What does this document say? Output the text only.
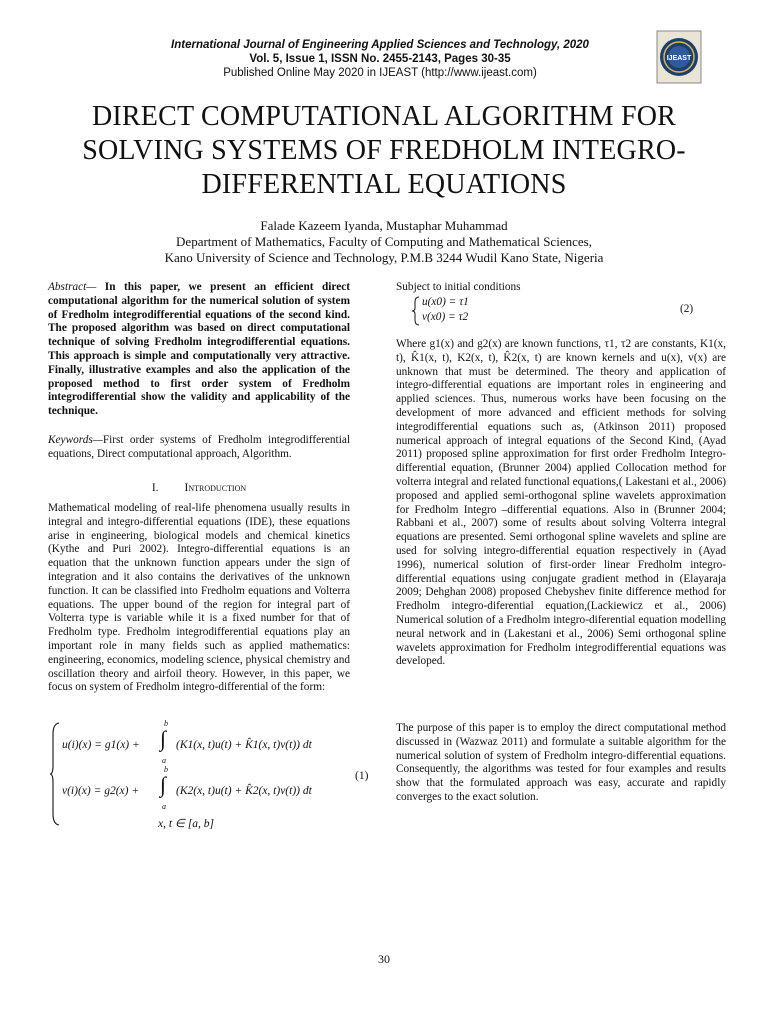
International Journal of Engineering Applied Sciences and Technology, 2020
Vol. 5, Issue 1, ISSN No. 2455-2143, Pages 30-35
Published Online May 2020 in IJEAST (http://www.ijeast.com)
IJEAST
DIRECT COMPUTATIONAL ALGORITHM FOR SOLVING SYSTEMS OF FREDHOLM INTEGRO-DIFFERENTIAL EQUATIONS
Falade Kazeem Iyanda, Mustaphar Muhammad
Department of Mathematics, Faculty of Computing and Mathematical Sciences,
Kano University of Science and Technology, P.M.B 3244 Wudil Kano State, Nigeria

Abstract— In this paper, we present an efficient direct computational algorithm for the numerical solution of system of Fredholm integrodifferential equations of the second kind. The proposed algorithm was based on direct computational technique of solving Fredholm integrodifferential equations. This approach is simple and computationally very attractive. Finally, illustrative examples and also the application of the proposed method to first order system of Fredholm integrodifferential show the validity and applicability of the technique.

Keywords—First order systems of Fredholm integrodifferential equations, Direct computational approach, Algorithm.

I. Introduction

Mathematical modeling of real-life phenomena usually results in integral and integro-differential equations (IDE), these equations arise in engineering, biological models and chemical kinetics (Kythe and Puri 2002). Integro-differential equations is an equation that the unknown function appears under the sign of integration and it also contains the derivatives of the unknown function. It can be classified into Fredholm equations and Volterra equations. The upper bound of the region for integral part of Volterra type is variable while it is a fixed number for that of Fredholm type. Fredholm integrodifferential equations play an important role in many fields such as applied mathematics: engineering, economics, modeling science, physical chemistry and oscillation theory and airfoil theory. However, in this paper, we focus on system of Fredholm integro-differential of the form:

b
∫
a
u(i)(x) = g1(x) +	(K1(x, t)u(t) + K̂1(x, t)v(t)) dt
b
∫
a
v(i)(x) = g2(x) +	(K2(x, t)u(t) + K̂2(x, t)v(t)) dt
x, t ∈ [a, b]
(1)

Subject to initial conditions

u(x0) = τ1
v(x0) = τ2
(2)

Where g1(x) and g2(x) are known functions, τ1, τ2 are constants, K1(x, t), K̂1(x, t), K2(x, t), K̂2(x, t) are known kernels and u(x), v(x) are unknown that must be determined. The theory and application of integro-differential equations are important roles in engineering and applied sciences. Thus, numerous works have been focusing on the development of more advanced and efficient methods for solving integrodifferential equations such as, (Atkinson 2011) proposed numerical approach of integral equations of the Second Kind, (Ayad 2011) proposed spline approximation for first order Fredholm Integro-differential equation, (Brunner 2004) applied Collocation method for volterra integral and related functional equations,( Lakestani et al., 2006) proposed and applied semi-orthogonal spline wavelets approximation for Fredholm Integro –differential equations. Also in (Brunner 2004; Rabbani et al., 2007) some of results about solving Volterra integral equations are presented. Semi orthogonal spline wavelets and spline are used for solving integro-differential equation respectively in (Ayad 1996), numerical solution of first-order linear Fredholm integro-differential equations using conjugate gradient method in (Elayaraja 2009; Dehghan 2008) proposed Chebyshev finite difference method for Fredholm integro-diferential equation,(Lackiewicz et al., 2006) Numerical solution of a Fredholm integro-diferential equation modelling neural network and in (Lakestani et al., 2006) Semi orthogonal spline wavelets approximation for Fredholm integrodifferential equations was developed.

The purpose of this paper is to employ the direct computational method discussed in (Wazwaz 2011) and formulate a suitable algorithm for the numerical solution of system of Fredholm integro-differential equations. Consequently, the algorithms was tested for four examples and results show that the formulated approach was easy, accurate and rapidly converges to the exact solution.

30
